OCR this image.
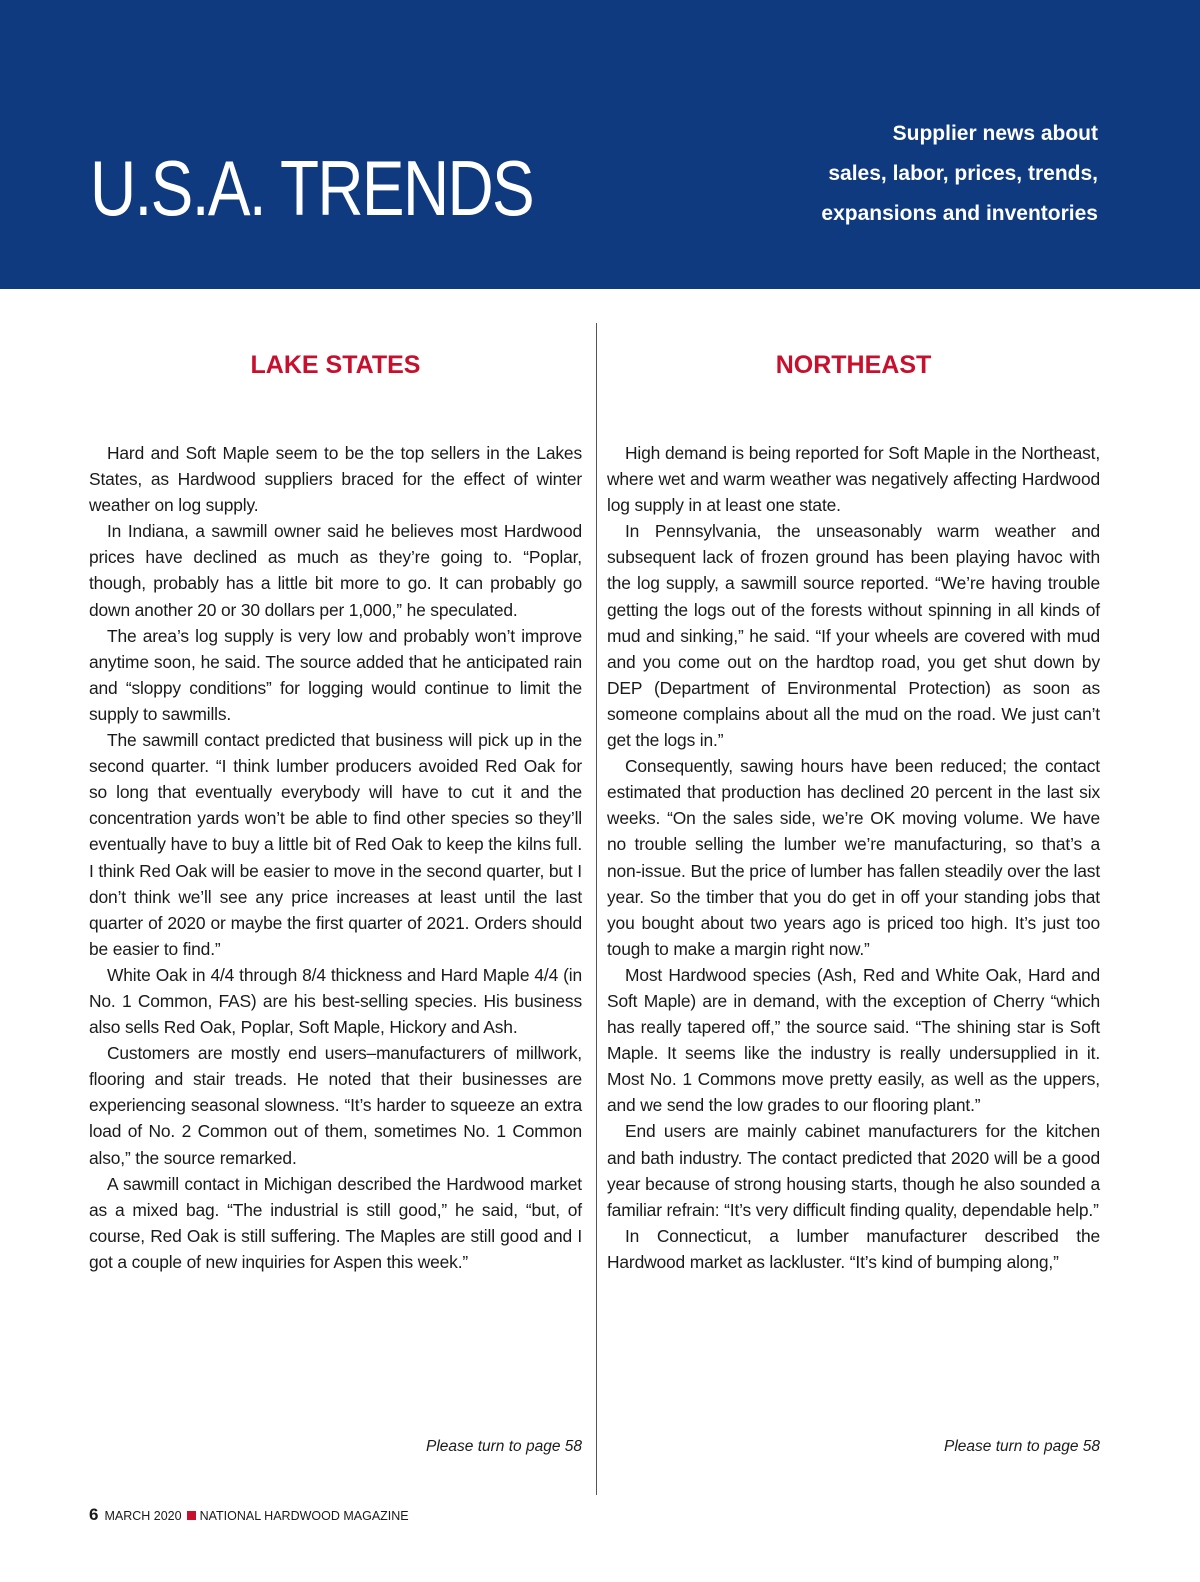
U.S.A. TRENDS
Supplier news about
sales, labor, prices, trends,
expansions and inventories
LAKE STATES

Hard and Soft Maple seem to be the top sellers in the Lakes States, as Hardwood suppliers braced for the effect of winter weather on log supply.

In Indiana, a sawmill owner said he believes most Hardwood prices have declined as much as they’re going to. “Poplar, though, probably has a little bit more to go. It can probably go down another 20 or 30 dollars per 1,000,” he speculated.

The area’s log supply is very low and probably won’t improve anytime soon, he said. The source added that he anticipated rain and “sloppy conditions” for logging would continue to limit the supply to sawmills.

The sawmill contact predicted that business will pick up in the second quarter. “I think lumber producers avoided Red Oak for so long that eventually everybody will have to cut it and the concentration yards won’t be able to find other species so they’ll eventually have to buy a little bit of Red Oak to keep the kilns full. I think Red Oak will be easier to move in the second quarter, but I don’t think we’ll see any price increases at least until the last quarter of 2020 or maybe the first quarter of 2021. Orders should be easier to find.”

White Oak in 4/4 through 8/4 thickness and Hard Maple 4/4 (in No. 1 Common, FAS) are his best-selling species. His business also sells Red Oak, Poplar, Soft Maple, Hickory and Ash.

Customers are mostly end users–manufacturers of millwork, flooring and stair treads. He noted that their businesses are experiencing seasonal slowness. “It’s harder to squeeze an extra load of No. 2 Common out of them, sometimes No. 1 Common also,” the source remarked.

A sawmill contact in Michigan described the Hardwood market as a mixed bag. “The industrial is still good,” he said, “but, of course, Red Oak is still suffering. The Maples are still good and I got a couple of new inquiries for Aspen this week.”

NORTHEAST

High demand is being reported for Soft Maple in the Northeast, where wet and warm weather was negatively affecting Hardwood log supply in at least one state.

In Pennsylvania, the unseasonably warm weather and subsequent lack of frozen ground has been playing havoc with the log supply, a sawmill source reported. “We’re having trouble getting the logs out of the forests without spinning in all kinds of mud and sinking,” he said. “If your wheels are covered with mud and you come out on the hardtop road, you get shut down by DEP (Department of Environmental Protection) as soon as someone complains about all the mud on the road. We just can’t get the logs in.”

Consequently, sawing hours have been reduced; the contact estimated that production has declined 20 percent in the last six weeks. “On the sales side, we’re OK moving volume. We have no trouble selling the lumber we’re manufacturing, so that’s a non-issue. But the price of lumber has fallen steadily over the last year. So the timber that you do get in off your standing jobs that you bought about two years ago is priced too high. It’s just too tough to make a margin right now.”

Most Hardwood species (Ash, Red and White Oak, Hard and Soft Maple) are in demand, with the exception of Cherry “which has really tapered off,” the source said. “The shining star is Soft Maple. It seems like the industry is really undersupplied in it. Most No. 1 Commons move pretty easily, as well as the uppers, and we send the low grades to our flooring plant.”

End users are mainly cabinet manufacturers for the kitchen and bath industry. The contact predicted that 2020 will be a good year because of strong housing starts, though he also sounded a familiar refrain: “It’s very difficult finding quality, dependable help.”

In Connecticut, a lumber manufacturer described the Hardwood market as lackluster. “It’s kind of bumping along,”

Please turn to page 58	Please turn to page 58
6 MARCH 2020 NATIONAL HARDWOOD MAGAZINE
